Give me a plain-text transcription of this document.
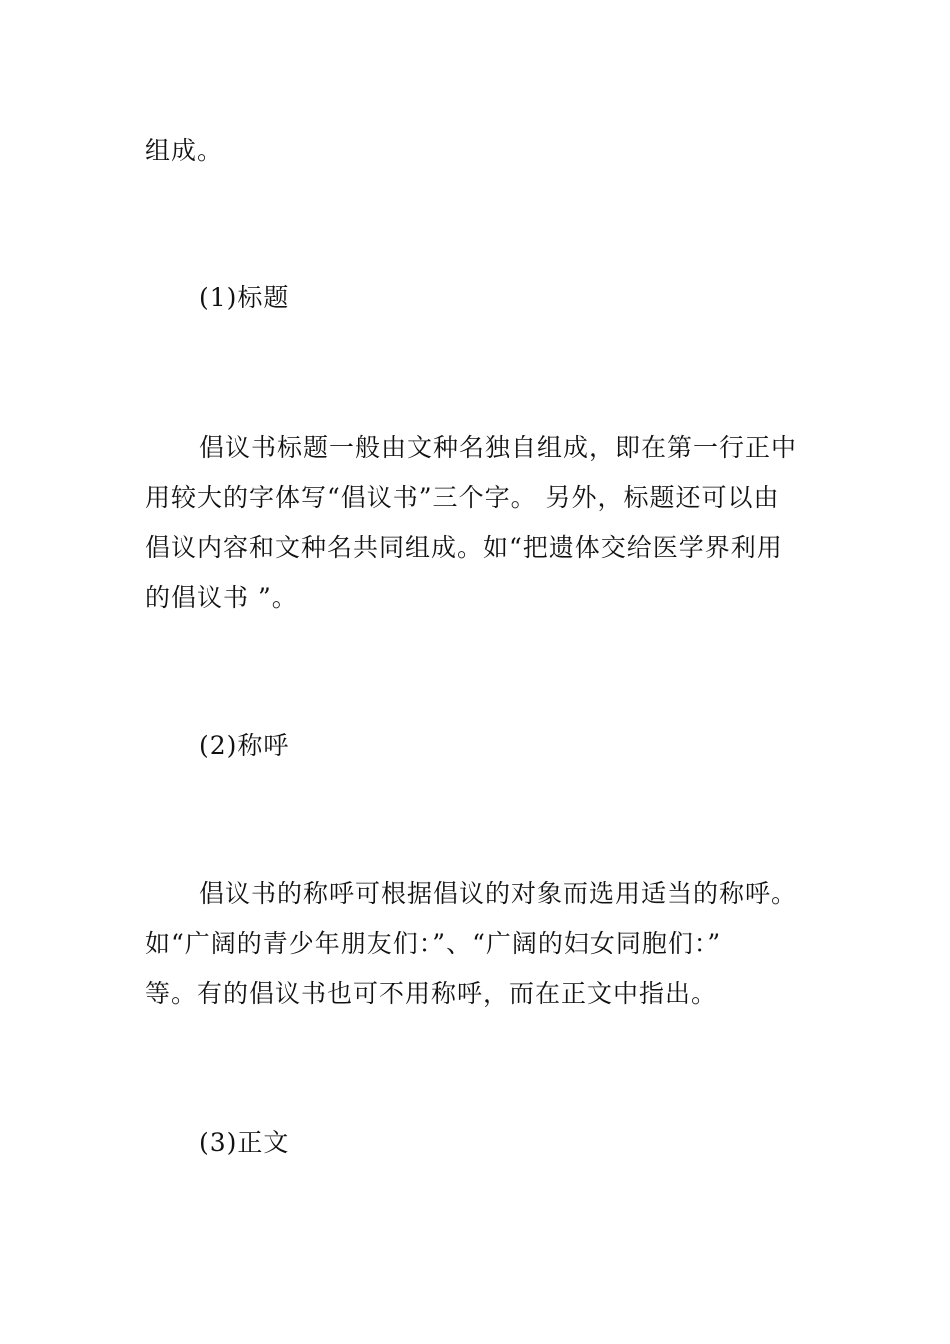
组成。
(1)标题
倡议书标题一般由文种名独自组成，即在第一行正中
用较大的字体写“倡议书”三个字。 另外，标题还可以由
倡议内容和文种名共同组成。如“把遗体交给医学界利用
的倡议书 ”。
(2)称呼
倡议书的称呼可根据倡议的对象而选用适当的称呼。
如“广阔的青少年朋友们：”、“广阔的妇女同胞们：”
等。有的倡议书也可不用称呼，而在正文中指出。
(3)正文
